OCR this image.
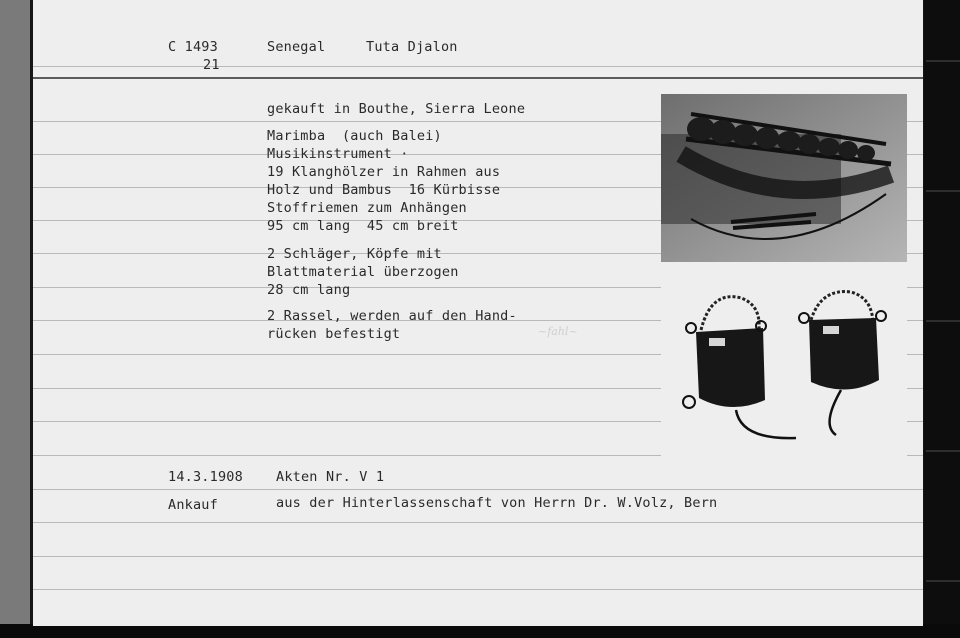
C 1493
21
Senegal	Tuta Djalon
gekauft in Bouthe, Sierra Leone
Marimba  (auch Balei)
Musikinstrument ·
19 Klanghölzer in Rahmen aus
Holz und Bambus  16 Kürbisse
Stoffriemen zum Anhängen
95 cm lang  45 cm breit
2 Schläger, Köpfe mit
Blattmaterial überzogen
28 cm lang
2 Rassel, werden auf den Hand-
rücken befestigt
14.3.1908 Akten Nr. V 1
Ankauf	aus der Hinterlassenschaft von Herrn Dr. W.Volz, Bern
~fahl~
